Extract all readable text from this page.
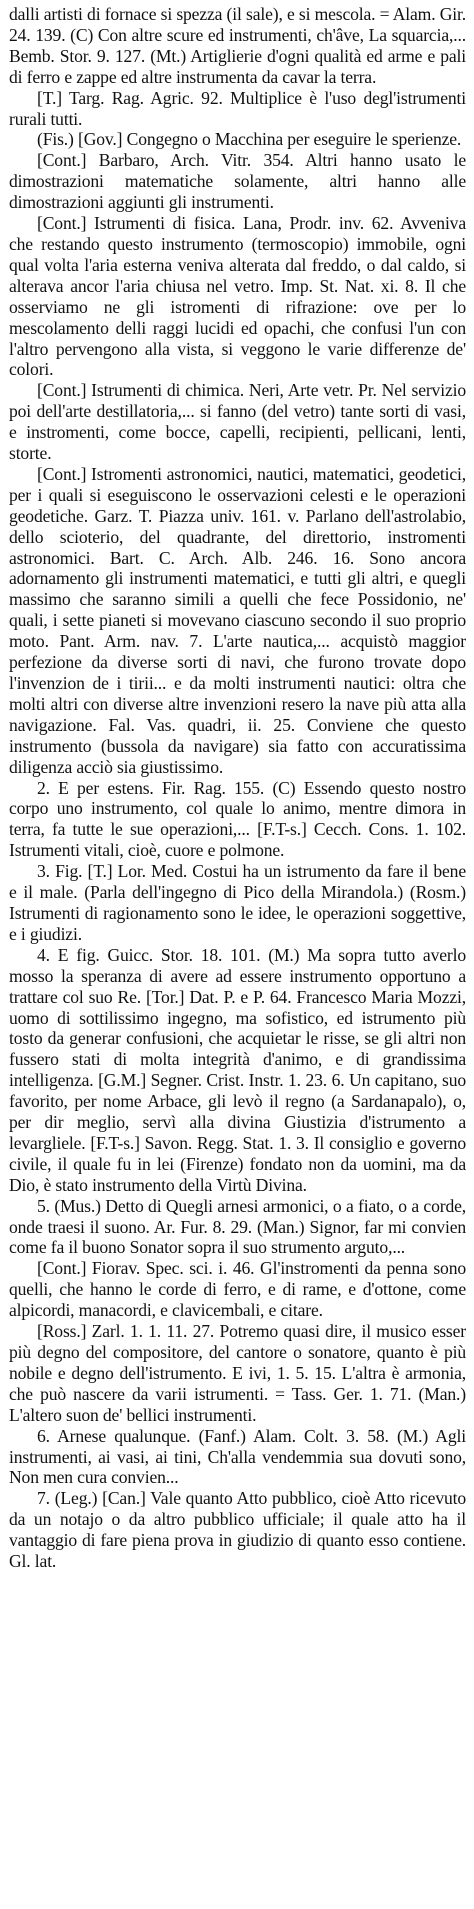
dalli artisti di fornace si spezza (il sale), e si mescola. = Alam. Gir. 24. 139. (C) Con altre scure ed instrumenti, ch'âve, La squarcia,... Bemb. Stor. 9. 127. (Mt.) Artiglierie d'ogni qualità ed arme e pali di ferro e zappe ed altre instrumenta da cavar la terra.

[T.] Targ. Rag. Agric. 92. Multiplice è l'uso degl'istrumenti rurali tutti.

(Fis.) [Gov.] Congegno o Macchina per eseguire le sperienze.

[Cont.] Barbaro, Arch. Vitr. 354. Altri hanno usato le dimostrazioni matematiche solamente, altri hanno alle dimostrazioni aggiunti gli instrumenti.

[Cont.] Istrumenti di fisica. Lana, Prodr. inv. 62. Avveniva che restando questo instrumento (termoscopio) immobile, ogni qual volta l'aria esterna veniva alterata dal freddo, o dal caldo, si alterava ancor l'aria chiusa nel vetro. Imp. St. Nat. xi. 8. Il che osserviamo ne gli istromenti di rifrazione: ove per lo mescolamento delli raggi lucidi ed opachi, che confusi l'un con l'altro pervengono alla vista, si veggono le varie differenze de' colori.

[Cont.] Istrumenti di chimica. Neri, Arte vetr. Pr. Nel servizio poi dell'arte destillatoria,... si fanno (del vetro) tante sorti di vasi, e instromenti, come bocce, capelli, recipienti, pellicani, lenti, storte.

[Cont.] Istromenti astronomici, nautici, matematici, geodetici, per i quali si eseguiscono le osservazioni celesti e le operazioni geodetiche. Garz. T. Piazza univ. 161. v. Parlano dell'astrolabio, dello scioterio, del quadrante, del direttorio, instromenti astronomici. Bart. C. Arch. Alb. 246. 16. Sono ancora adornamento gli instrumenti matematici, e tutti gli altri, e quegli massimo che saranno simili a quelli che fece Possidonio, ne' quali, i sette pianeti si movevano ciascuno secondo il suo proprio moto. Pant. Arm. nav. 7. L'arte nautica,... acquistò maggior perfezione da diverse sorti di navi, che furono trovate dopo l'invenzion de i tirii... e da molti instrumenti nautici: oltra che molti altri con diverse altre invenzioni resero la nave più atta alla navigazione. Fal. Vas. quadri, ii. 25. Conviene che questo instrumento (bussola da navigare) sia fatto con accuratissima diligenza acciò sia giustissimo.

2. E per estens. Fir. Rag. 155. (C) Essendo questo nostro corpo uno instrumento, col quale lo animo, mentre dimora in terra, fa tutte le sue operazioni,... [F.T-s.] Cecch. Cons. 1. 102. Istrumenti vitali, cioè, cuore e polmone.

3. Fig. [T.] Lor. Med. Costui ha un istrumento da fare il bene e il male. (Parla dell'ingegno di Pico della Mirandola.) (Rosm.) Istrumenti di ragionamento sono le idee, le operazioni soggettive, e i giudizi.

4. E fig. Guicc. Stor. 18. 101. (M.) Ma sopra tutto averlo mosso la speranza di avere ad essere instrumento opportuno a trattare col suo Re. [Tor.] Dat. P. e P. 64. Francesco Maria Mozzi, uomo di sottilissimo ingegno, ma sofistico, ed istrumento più tosto da generar confusioni, che acquietar le risse, se gli altri non fussero stati di molta integrità d'animo, e di grandissima intelligenza. [G.M.] Segner. Crist. Instr. 1. 23. 6. Un capitano, suo favorito, per nome Arbace, gli levò il regno (a Sardanapalo), o, per dir meglio, servì alla divina Giustizia d'istrumento a levargliele. [F.T-s.] Savon. Regg. Stat. 1. 3. Il consiglio e governo civile, il quale fu in lei (Firenze) fondato non da uomini, ma da Dio, è stato instrumento della Virtù Divina.

5. (Mus.) Detto di Quegli arnesi armonici, o a fiato, o a corde, onde traesi il suono. Ar. Fur. 8. 29. (Man.) Signor, far mi convien come fa il buono Sonator sopra il suo strumento arguto,...

[Cont.] Fiorav. Spec. sci. i. 46. Gl'instromenti da penna sono quelli, che hanno le corde di ferro, e di rame, e d'ottone, come alpicordi, manacordi, e clavicembali, e citare.

[Ross.] Zarl. 1. 1. 11. 27. Potremo quasi dire, il musico esser più degno del compositore, del cantore o sonatore, quanto è più nobile e degno dell'istrumento. E ivi, 1. 5. 15. L'altra è armonia, che può nascere da varii istrumenti. = Tass. Ger. 1. 71. (Man.) L'altero suon de' bellici instrumenti.

6. Arnese qualunque. (Fanf.) Alam. Colt. 3. 58. (M.) Agli instrumenti, ai vasi, ai tini, Ch'alla vendemmia sua dovuti sono, Non men cura convien...

7. (Leg.) [Can.] Vale quanto Atto pubblico, cioè Atto ricevuto da un notajo o da altro pubblico ufficiale; il quale atto ha il vantaggio di fare piena prova in giudizio di quanto esso contiene. Gl. lat.
